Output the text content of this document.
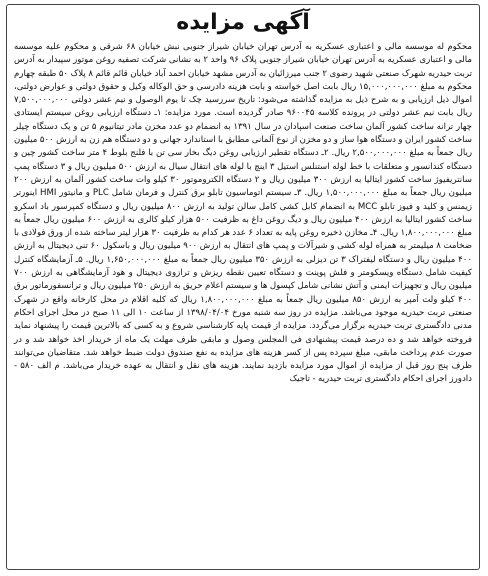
آگهی مزایده
محکوم له موسسه مالی و اعتباری عسکریه به آدرس تهران خیابان شیراز جنوبی نبش خیابان ۶۸ شرقی و محکوم علیه موسسه مالی و اعتباری عسکریه به آدرس تهران خیابان شیراز جنوبی پلاک ۹۶ واحد ۲ به نشانی شرکت تصفیه روغن موتور سپیدار به آدرس تربت حیدریه شهرک صنعتی شهید رضوی ۲ جنب میرزائیان به آدرس مشهد خیابان احمد آباد خیابان قائم قائم ۸ پلاک ۵۰ طبقه چهارم محکوم به مبلغ ۱۵,۰۰۰,۰۰۰,۰۰۰ ریال بابت اصل خواسته و بابت هزینه دادرسی و حق الوکاله وکیل و حقوق دولتی و عوارض دولتی، اموال ذیل ارزیابی و به شرح ذیل به مزایده گذاشته می‌شود: تاریخ سررسید چک تا یوم الوصول و نیم عشر دولتی ۷,۵۰۰,۰۰۰,۰۰۰ ریال بابت نیم عشر دولتی در پرونده کلاسه ۹۶۰۰۴۵ صادر گردیده است. مورد مزایده: ۱ـ دستگاه ارزیابی روغن سیستم ایستادی چهار ترانه ساخت کشور آلمان ساخت صنعت اسپادان در سال ۱۳۹۱ به انضمام دو عدد مخزن مادر تیتانیوم ۵ تن و یک دستگاه چیلر ساخت کشور ایران و دستگاه هوا ساز و دو مخزن از نوع آلمانی مطابق با استاندارد جهانی و دو دستگاه هم زن به ارزش ۵۰۰ میلیون ریال جمعاً به مبلغ ۲,۵۰۰,۰۰۰,۰۰۰ ریال. ۲ـ دستگاه تقطیر ارزیابی روغن دیگ بخار سی تن با فلنج بلوط ۴ متر ساخت کشور چین و دستگاه کندانسور و متعلقات با خط لوله استنلس استیل ۳ اینچ با لوله های انتقال سیال به ارزش ۵۰۰ میلیون ریال و ۳ دستگاه پمپ سانتریفیوژ ساخت کشور ایتالیا به ارزش ۳۰۰ میلیون ریال و ۲ دستگاه الکتروموتور ۳۰ کیلو وات ساخت کشور آلمان به ارزش ۲۰۰ میلیون ریال جمعاً به مبلغ ۱,۵۰۰,۰۰۰,۰۰۰ ریال. ۳ـ سیستم اتوماسیون تابلو برق کنترل و فرمان شامل PLC و مانیتور HMI اینورتر زیمنس و کلید و فیوز تابلو MCC به انضمام کابل کشی کامل سالن تولید به ارزش ۸۰۰ میلیون ریال و دستگاه کمپرسور باد اسکرو ساخت کشور ایتالیا به ارزش ۴۰۰ میلیون ریال و دیگ روغن داغ به ظرفیت ۵۰۰ هزار کیلو کالری به ارزش ۶۰۰ میلیون ریال جمعاً به مبلغ ۱,۸۰۰,۰۰۰,۰۰۰ ریال. ۴ـ مخازن ذخیره روغن پایه به تعداد ۶ عدد هر کدام به ظرفیت ۳۰ هزار لیتر ساخته شده از ورق فولادی با ضخامت ۸ میلیمتر به همراه لوله کشی و شیرآلات و پمپ های انتقال به ارزش ۹۰۰ میلیون ریال و باسکول ۶۰ تنی دیجیتال به ارزش ۴۰۰ میلیون ریال و دستگاه لیفتراک ۳ تن دیزلی به ارزش ۳۵۰ میلیون ریال جمعاً به مبلغ ۱,۶۵۰,۰۰۰,۰۰۰ ریال. ۵ـ آزمایشگاه کنترل کیفیت شامل دستگاه ویسکومتر و فلش پوینت و دستگاه تعیین نقطه ریزش و ترازوی دیجیتال و هود آزمایشگاهی به ارزش ۷۰۰ میلیون ریال و تجهیزات ایمنی و آتش نشانی شامل کپسول ها و سیستم اعلام حریق به ارزش ۲۵۰ میلیون ریال و ترانسفورماتور برق ۴۰۰ کیلو ولت آمپر به ارزش ۸۵۰ میلیون ریال جمعاً به مبلغ ۱,۸۰۰,۰۰۰,۰۰۰ ریال که کلیه اقلام در محل کارخانه واقع در شهرک صنعتی تربت حیدریه موجود می‌باشد. مزایده در روز سه شنبه مورخ ۱۳۹۸/۰۴/۰۴ از ساعت ۱۰ الی ۱۱ صبح در محل اجرای احکام مدنی دادگستری تربت حیدریه برگزار می‌گردد. مزایده از قیمت پایه کارشناسی شروع و به کسی که بالاترین قیمت را پیشنهاد نماید فروخته خواهد شد و ده درصد قیمت پیشنهادی فی المجلس وصول و مابقی ظرف مهلت یک ماه از خریدار اخذ خواهد شد و در صورت عدم پرداخت مابقی، مبلغ سپرده پس از کسر هزینه های مزایده به نفع صندوق دولت ضبط خواهد شد. متقاضیان می‌توانند ظرف پنج روز قبل از مزایده از اموال مورد مزایده بازدید نمایند. هزینه های نقل و انتقال به عهده خریدار می‌باشد. م الف ۵۸۰ - دادورز اجرای احکام دادگستری تربت حیدریه - تاجیک
